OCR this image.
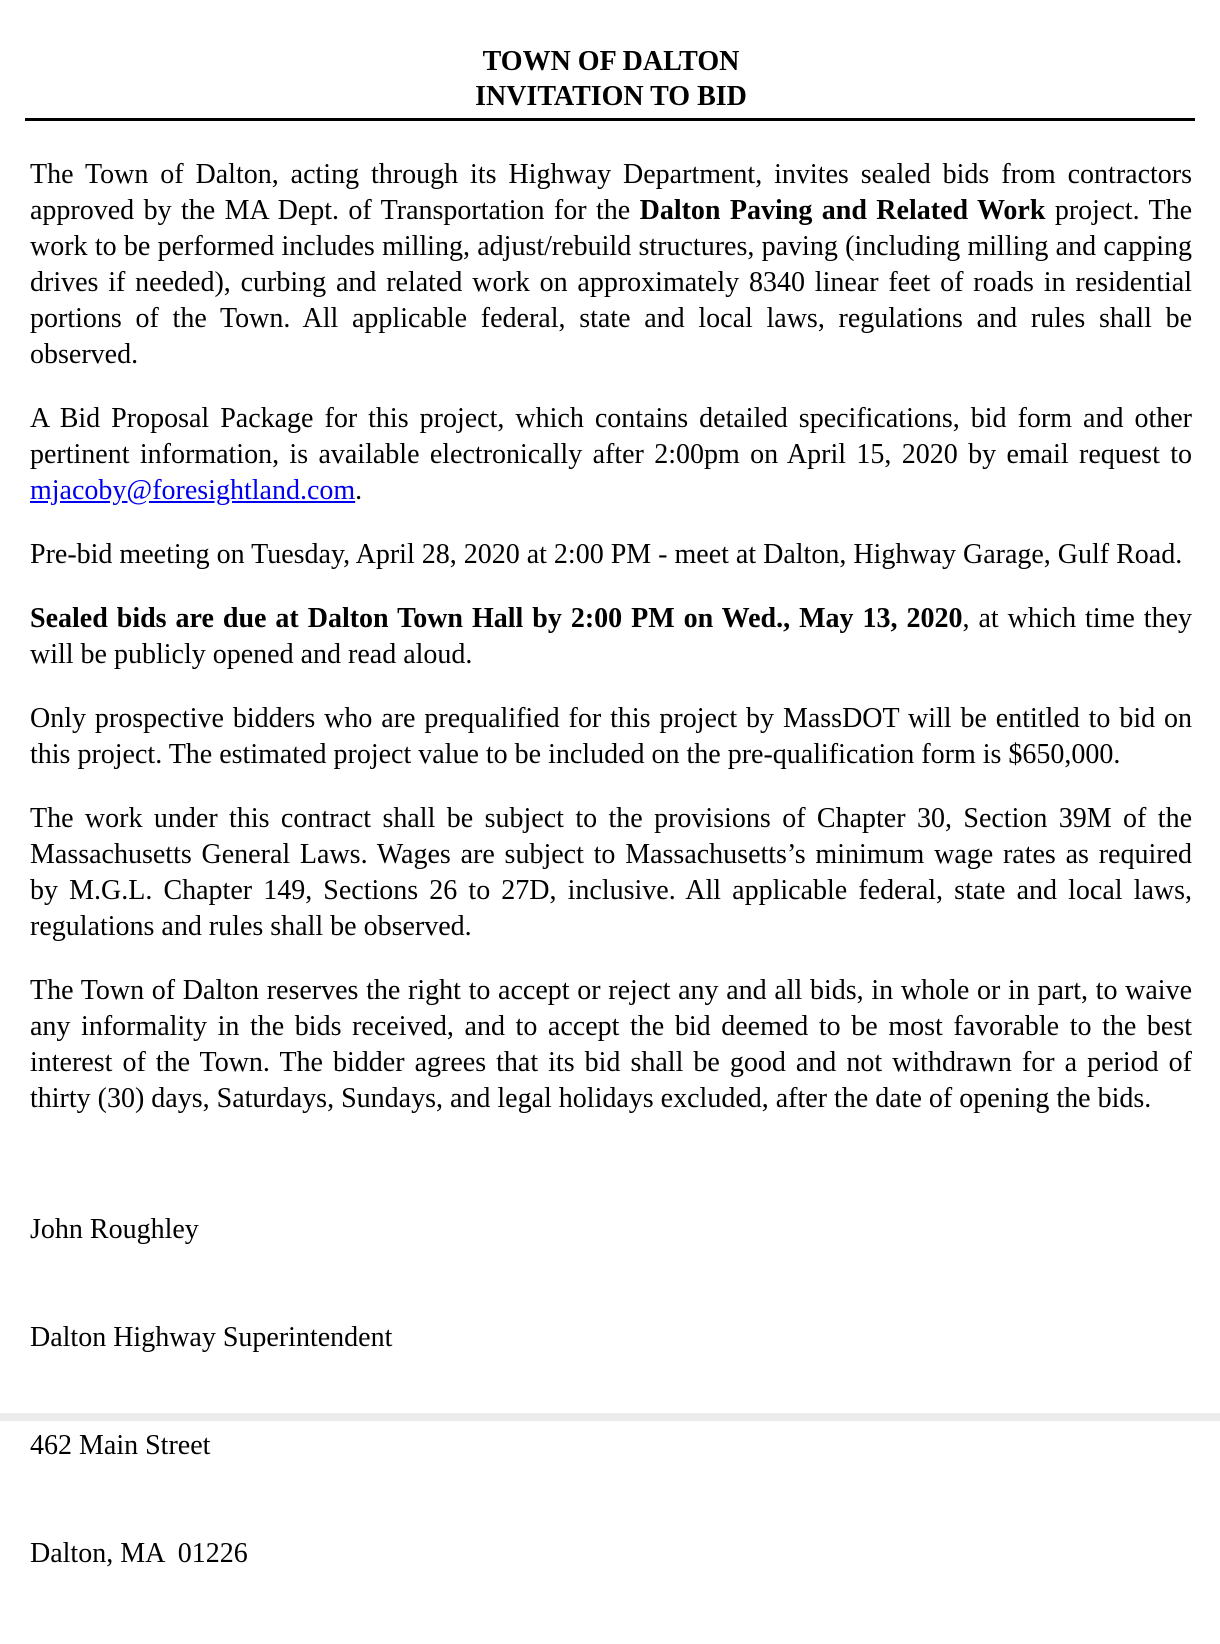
TOWN OF DALTON
INVITATION TO BID

The Town of Dalton, acting through its Highway Department, invites sealed bids from contractors approved by the MA Dept. of Transportation for the Dalton Paving and Related Work project. The work to be performed includes milling, adjust/rebuild structures, paving (including milling and capping drives if needed), curbing and related work on approximately 8340 linear feet of roads in residential portions of the Town. All applicable federal, state and local laws, regulations and rules shall be observed.

A Bid Proposal Package for this project, which contains detailed specifications, bid form and other pertinent information, is available electronically after 2:00pm on April 15, 2020 by email request to mjacoby@foresightland.com.

Pre-bid meeting on Tuesday, April 28, 2020 at 2:00 PM - meet at Dalton, Highway Garage, Gulf Road.

Sealed bids are due at Dalton Town Hall by 2:00 PM on Wed., May 13, 2020, at which time they will be publicly opened and read aloud.

Only prospective bidders who are prequalified for this project by MassDOT will be entitled to bid on this project. The estimated project value to be included on the pre-qualification form is $650,000.

The work under this contract shall be subject to the provisions of Chapter 30, Section 39M of the Massachusetts General Laws. Wages are subject to Massachusetts’s minimum wage rates as required by M.G.L. Chapter 149, Sections 26 to 27D, inclusive. All applicable federal, state and local laws, regulations and rules shall be observed.

The Town of Dalton reserves the right to accept or reject any and all bids, in whole or in part, to waive any informality in the bids received, and to accept the bid deemed to be most favorable to the best interest of the Town. The bidder agrees that its bid shall be good and not withdrawn for a period of thirty (30) days, Saturdays, Sundays, and legal holidays excluded, after the date of opening the bids.

John Roughley

Dalton Highway Superintendent

462 Main Street

Dalton, MA  01226
